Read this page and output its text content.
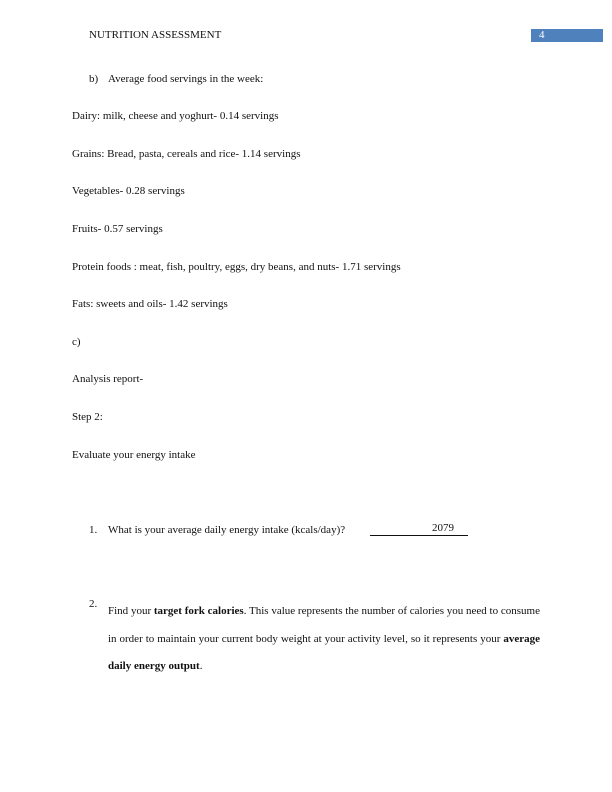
NUTRITION ASSESSMENT	4
b) Average food servings in the week:
Dairy: milk, cheese and yoghurt- 0.14 servings
Grains: Bread, pasta, cereals and rice- 1.14 servings
Vegetables- 0.28 servings
Fruits- 0.57 servings
Protein foods : meat, fish, poultry, eggs, dry beans, and nuts- 1.71 servings
Fats: sweets and oils- 1.42 servings
c)
Analysis report-
Step 2:
Evaluate your energy intake
1. What is your average daily energy intake (kcals/day)?	2079
2.
Find your target fork calories. This value represents the number of calories you need to consume in order to maintain your current body weight at your activity level, so it represents your average daily energy output.
